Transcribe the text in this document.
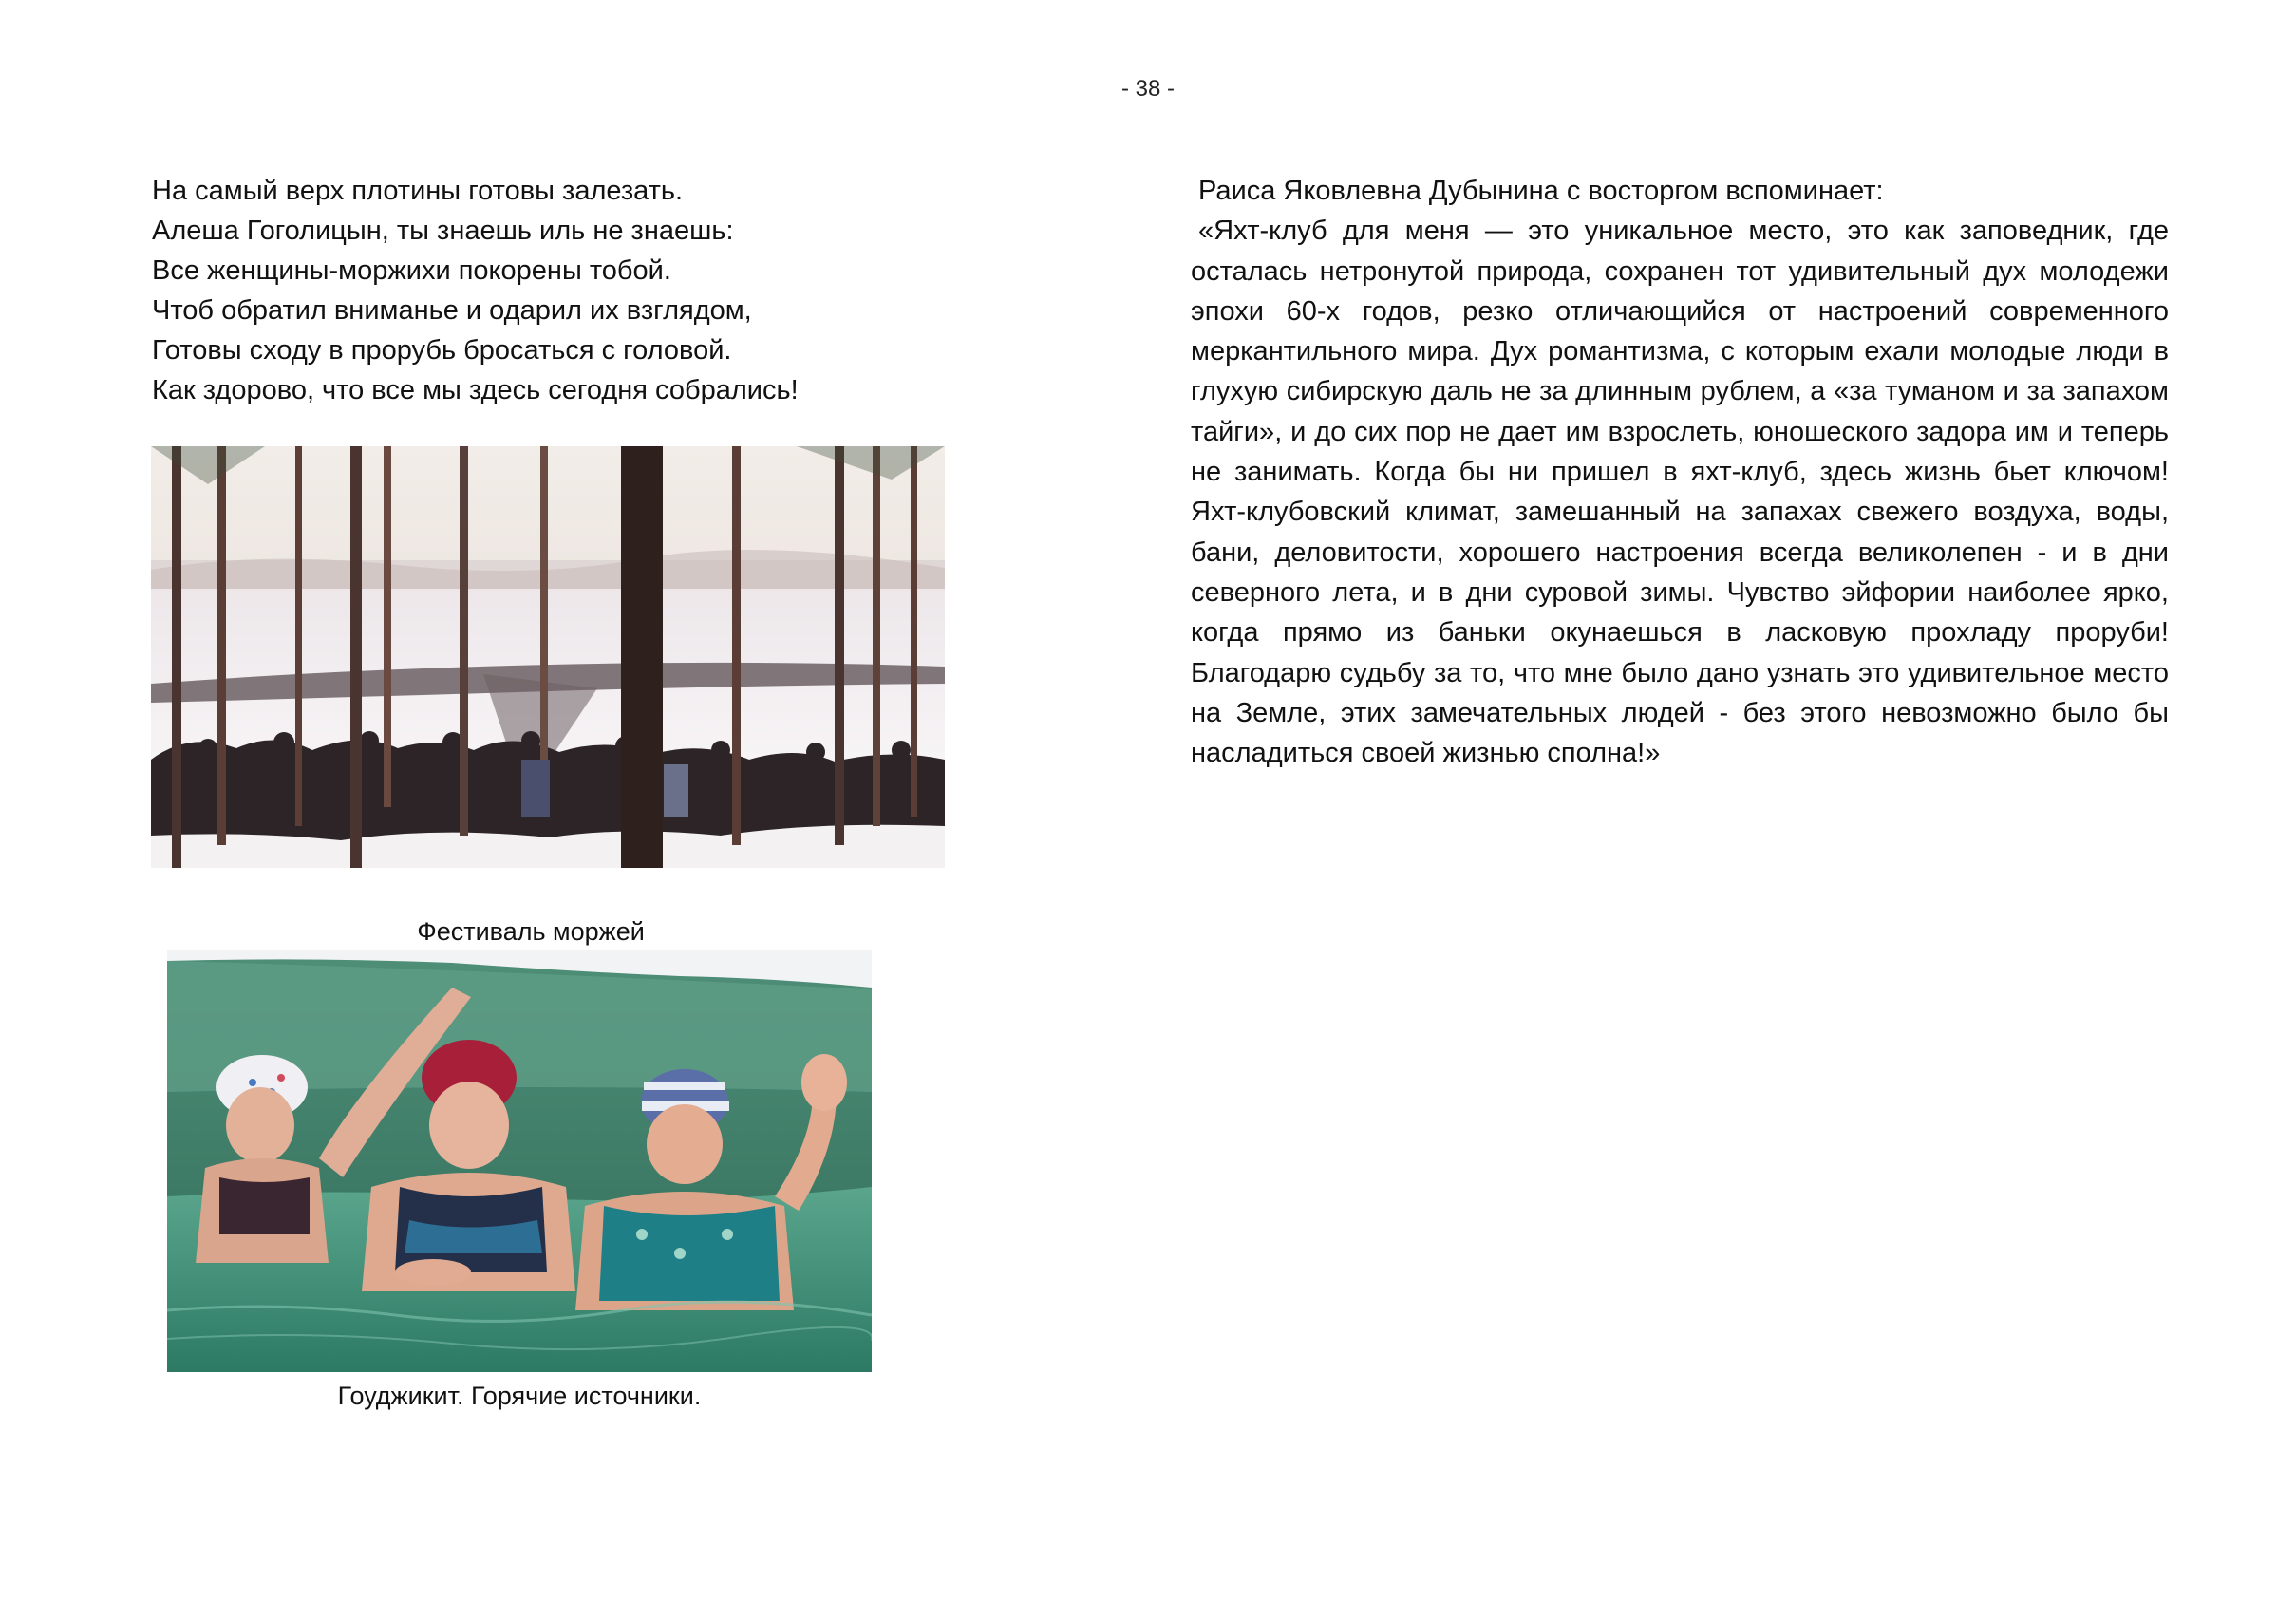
- 38 -
На самый верх плотины готовы залезать.
Алеша Гоголицын, ты знаешь иль не знаешь:
Все женщины-моржихи покорены тобой.
Чтоб обратил вниманье и одарил их взглядом,
Готовы сходу в прорубь бросаться с головой.
Как здорово, что все мы здесь сегодня собрались!
Фестиваль моржей
Гоуджикит. Горячие источники.
Раиса Яковлевна Дубынина с восторгом вспоминает:

«Яхт-клуб для меня — это уникальное место, это как заповедник, где осталась нетронутой природа, сохранен тот удивительный дух молодежи эпохи 60-х годов, резко отличающийся от настроений современного меркантильного мира. Дух романтизма, с которым ехали молодые люди в глухую сибирскую даль не за длинным рублем, а «за туманом и за запахом тайги», и до сих пор не дает им взрослеть, юношеского задора им и теперь не занимать. Когда бы ни пришел в яхт-клуб, здесь жизнь бьет ключом! Яхт-клубовский климат, замешанный на запахах свежего воздуха, воды, бани, деловитости, хорошего настроения всегда великолепен - и в дни северного лета, и в дни суровой зимы. Чувство эйфории наиболее ярко, когда прямо из баньки окунаешься в ласковую прохладу проруби! Благодарю судьбу за то, что мне было дано узнать это удивительное место на Земле, этих замечательных людей - без этого невозможно было бы насладиться своей жизнью сполна!»
